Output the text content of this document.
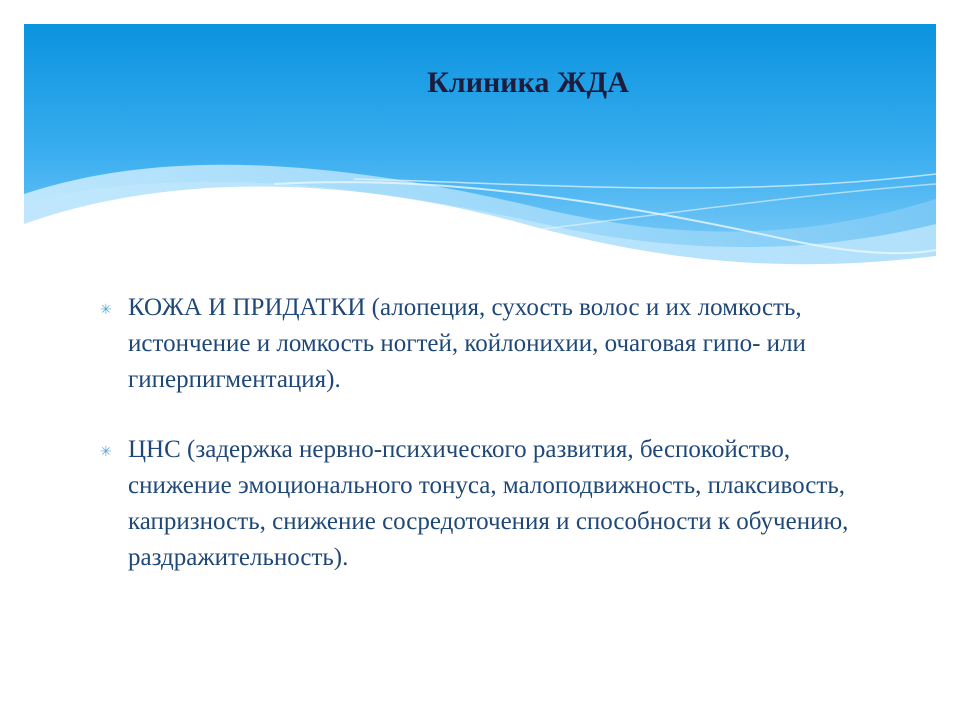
Клиника ЖДА
✳ КОЖА И ПРИДАТКИ (алопеция, сухость волос и их ломкость, истончение и ломкость ногтей, койлонихии, очаговая гипо- или гиперпигментация).
✳ ЦНС (задержка нервно-психического развития, беспокойство, снижение эмоционального тонуса, малоподвижность, плаксивость, капризность, снижение сосредоточения и способности к обучению, раздражительность).
